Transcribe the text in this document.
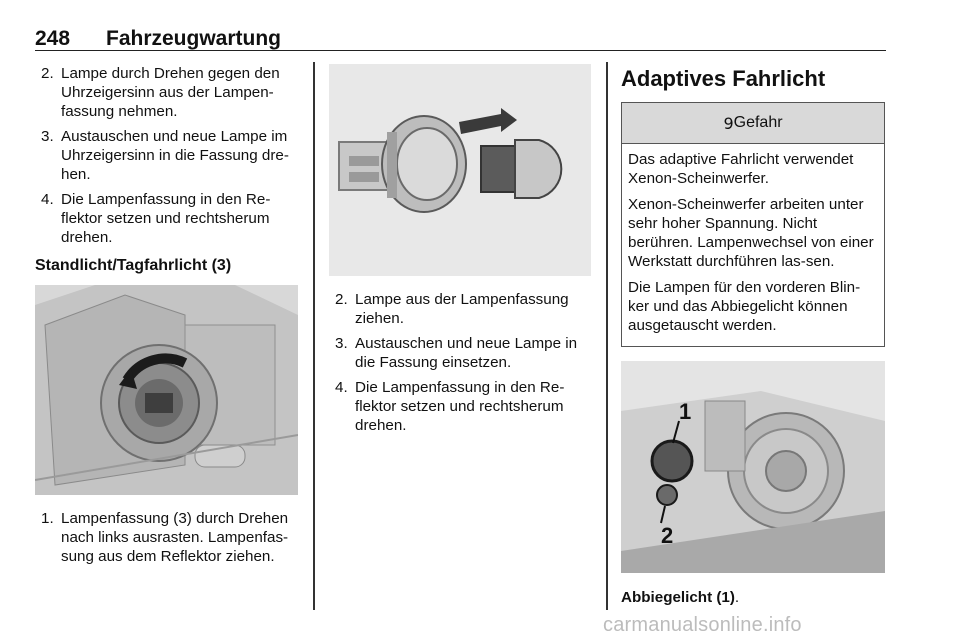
248 Fahrzeugwartung
2. Lampe durch Drehen gegen den Uhrzeigersinn aus der Lampen-fassung nehmen.
3. Austauschen und neue Lampe im Uhrzeigersinn in die Fassung dre-hen.
4. Die Lampenfassung in den Re-flektor setzen und rechtsherum drehen.
Standlicht/Tagfahrlicht (3)
1. Lampenfassung (3) durch Drehen nach links ausrasten. Lampenfas-sung aus dem Reflektor ziehen.
2. Lampe aus der Lampenfassung ziehen.
3. Austauschen und neue Lampe in die Fassung einsetzen.
4. Die Lampenfassung in den Re-flektor setzen und rechtsherum drehen.
Adaptives Fahrlicht
9 Gefahr

Das adaptive Fahrlicht verwendet Xenon-Scheinwerfer.

Xenon-Scheinwerfer arbeiten unter sehr hoher Spannung. Nicht berühren. Lampenwechsel von einer Werkstatt durchführen las-sen.

Die Lampen für den vorderen Blin-ker und das Abbiegelicht können ausgetauscht werden.

1
2
Abbiegelicht (1).
carmanualsonline.info
